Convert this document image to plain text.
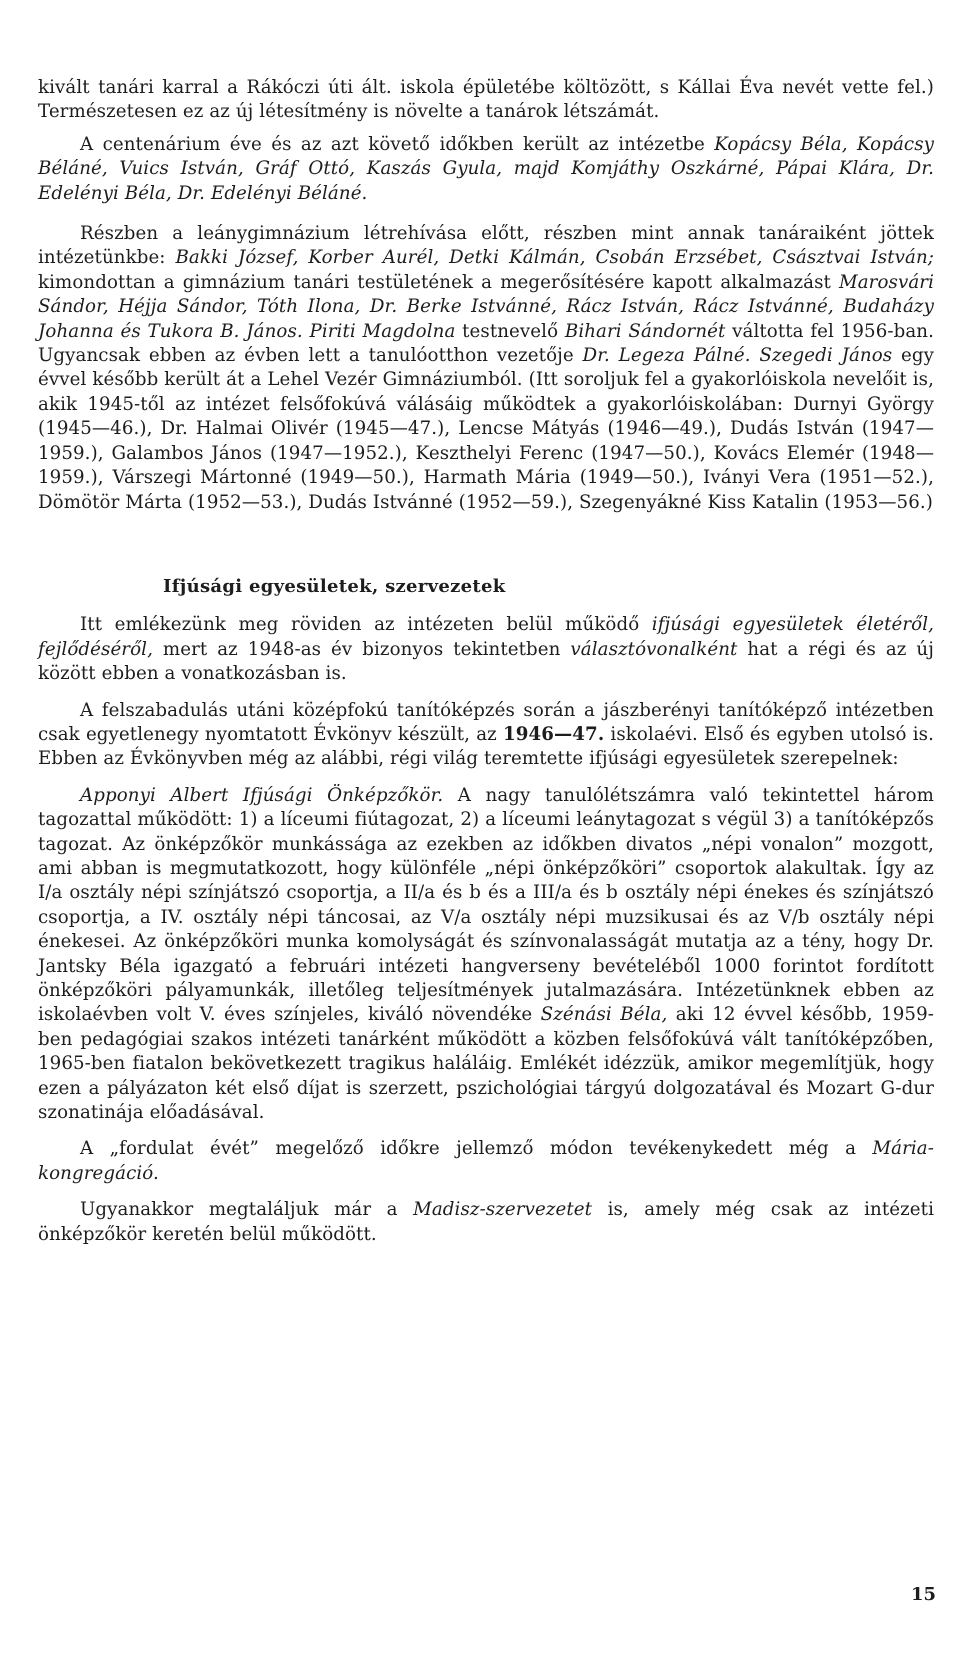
kivált tanári karral a Rákóczi úti ált. iskola épületébe költözött, s Kállai Éva nevét vette fel.) Természetesen ez az új létesítmény is növelte a tanárok létszámát.

A centenárium éve és az azt követő időkben került az intézetbe Kopácsy Béla, Kopácsy Béláné, Vuics István, Gráf Ottó, Kaszás Gyula, majd Komjáthy Oszkárné, Pápai Klára, Dr. Edelényi Béla, Dr. Edelényi Béláné.

Részben a leánygimnázium létrehívása előtt, részben mint annak tanáraiként jöttek intézetünkbe: Bakki József, Korber Aurél, Detki Kálmán, Csobán Erzsébet, Császtvai István; kimondottan a gimnázium tanári testületének a megerősítésére kapott alkalmazást Marosvári Sándor, Héjja Sándor, Tóth Ilona, Dr. Berke Istvánné, Rácz István, Rácz Istvánné, Budaházy Johanna és Tukora B. János. Piriti Magdolna testnevelő Bihari Sándornét váltotta fel 1956-ban. Ugyancsak ebben az évben lett a tanulóotthon vezetője Dr. Legeza Pálné. Szegedi János egy évvel később került át a Lehel Vezér Gimnáziumból. (Itt soroljuk fel a gyakorlóiskola nevelőit is, akik 1945-től az intézet felsőfokúvá válásáig működtek a gyakorlóiskolában: Durnyi György (1945—46.), Dr. Halmai Olivér (1945—47.), Lencse Mátyás (1946—49.), Dudás István (1947—1959.), Galambos János (1947—1952.), Keszthelyi Ferenc (1947—50.), Kovács Elemér (1948—1959.), Várszegi Mártonné (1949—50.), Harmath Mária (1949—50.), Iványi Vera (1951—52.), Dömötör Márta (1952—53.), Dudás Istvánné (1952—59.), Szegenyákné Kiss Katalin (1953—56.)

Ifjúsági egyesületek, szervezetek

Itt emlékezünk meg röviden az intézeten belül működő ifjúsági egyesületek életéről, fejlődéséről, mert az 1948-as év bizonyos tekintetben választóvonalként hat a régi és az új között ebben a vonatkozásban is.

A felszabadulás utáni középfokú tanítóképzés során a jászberényi tanítóképző intézetben csak egyetlenegy nyomtatott Évkönyv készült, az 1946—47. iskolaévi. Első és egyben utolsó is. Ebben az Évkönyvben még az alábbi, régi világ teremtette ifjúsági egyesületek szerepelnek:

Apponyi Albert Ifjúsági Önképzőkör. A nagy tanulólétszámra való tekintettel három tagozattal működött: 1) a líceumi fiútagozat, 2) a líceumi leánytagozat s végül 3) a tanítóképzős tagozat. Az önképzőkör munkássága az ezekben az időkben divatos „népi vonalon” mozgott, ami abban is megmutatkozott, hogy különféle „népi önképzőköri” csoportok alakultak. Így az I/a osztály népi színjátszó csoportja, a II/a és b és a III/a és b osztály népi énekes és színjátszó csoportja, a IV. osztály népi táncosai, az V/a osztály népi muzsikusai és az V/b osztály népi énekesei. Az önképzőköri munka komolyságát és színvonalasságát mutatja az a tény, hogy Dr. Jantsky Béla igazgató a februári intézeti hangverseny bevételéből 1000 forintot fordított önképzőköri pályamunkák, illetőleg teljesítmények jutalmazására. Intézetünknek ebben az iskolaévben volt V. éves színjeles, kiváló növendéke Szénási Béla, aki 12 évvel később, 1959-ben pedagógiai szakos intézeti tanárként működött a közben felsőfokúvá vált tanítóképzőben, 1965-ben fiatalon bekövetkezett tragikus haláláig. Emlékét idézzük, amikor megemlítjük, hogy ezen a pályázaton két első díjat is szerzett, pszichológiai tárgyú dolgozatával és Mozart G-dur szonatinája előadásával.

A „fordulat évét” megelőző időkre jellemző módon tevékenykedett még a Mária-kongregáció.

Ugyanakkor megtaláljuk már a Madisz-szervezetet is, amely még csak az intézeti önképzőkör keretén belül működött.

15
